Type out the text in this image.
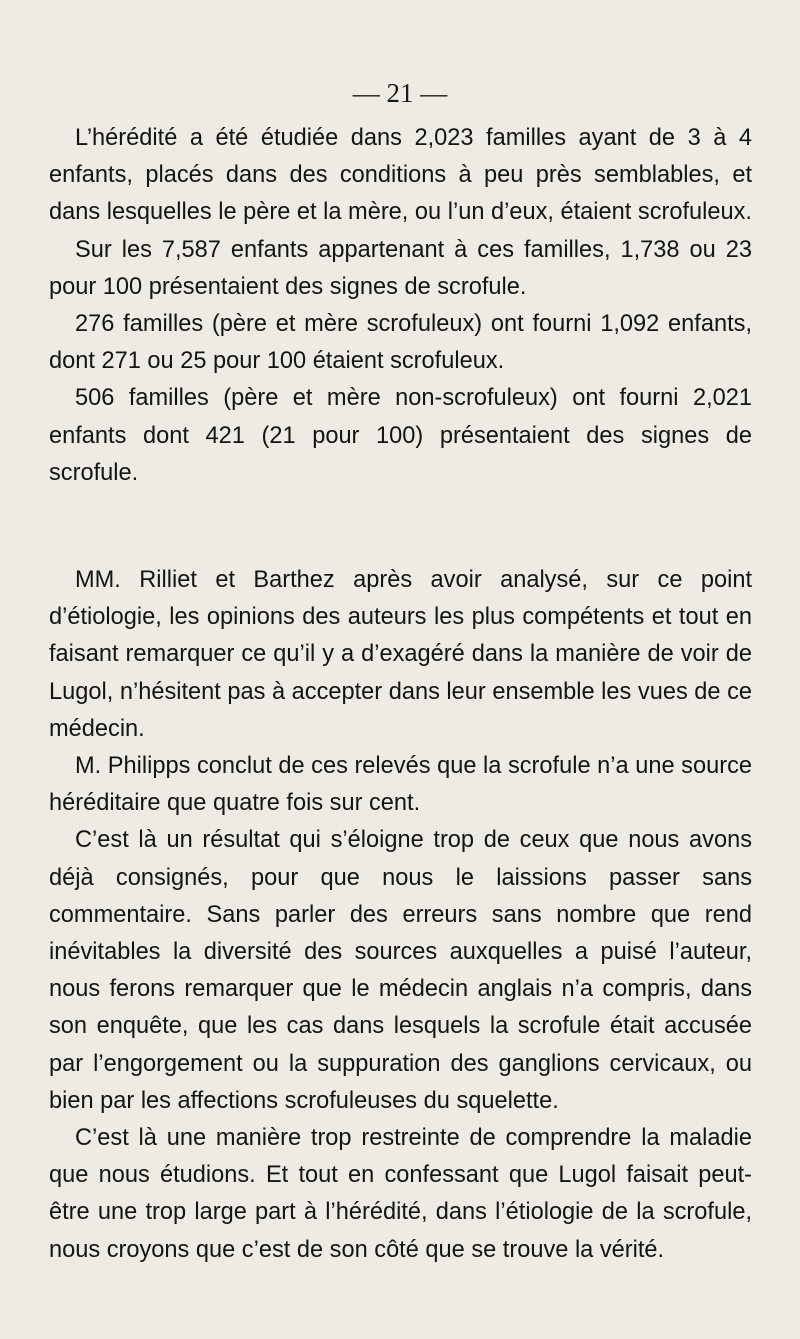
— 21 —

L’hérédité a été étudiée dans 2,023 familles ayant de 3 à 4 enfants, placés dans des conditions à peu près semblables, et dans lesquelles le père et la mère, ou l’un d’eux, étaient scrofuleux.

Sur les 7,587 enfants appartenant à ces familles, 1,738 ou 23 pour 100 présentaient des signes de scrofule.

276 familles (père et mère scrofuleux) ont fourni 1,092 enfants, dont 271 ou 25 pour 100 étaient scrofuleux.

506 familles (père et mère non-scrofuleux) ont fourni 2,021 enfants dont 421 (21 pour 100) présentaient des signes de scrofule.

MM. Rilliet et Barthez après avoir analysé, sur ce point d’étiologie, les opinions des auteurs les plus compétents et tout en faisant remarquer ce qu’il y a d’exagéré dans la manière de voir de Lugol, n’hésitent pas à accepter dans leur ensemble les vues de ce médecin.

M. Philipps conclut de ces relevés que la scrofule n’a une source héréditaire que quatre fois sur cent.

C’est là un résultat qui s’éloigne trop de ceux que nous avons déjà consignés, pour que nous le laissions passer sans commentaire. Sans parler des erreurs sans nombre que rend inévitables la diversité des sources auxquelles a puisé l’auteur, nous ferons remarquer que le médecin anglais n’a compris, dans son enquête, que les cas dans lesquels la scrofule était accusée par l’engorgement ou la suppuration des ganglions cervicaux, ou bien par les affections scrofuleuses du squelette.

C’est là une manière trop restreinte de comprendre la maladie que nous étudions. Et tout en confessant que Lugol faisait peut-être une trop large part à l’hérédité, dans l’étiologie de la scrofule, nous croyons que c’est de son côté que se trouve la vérité.
